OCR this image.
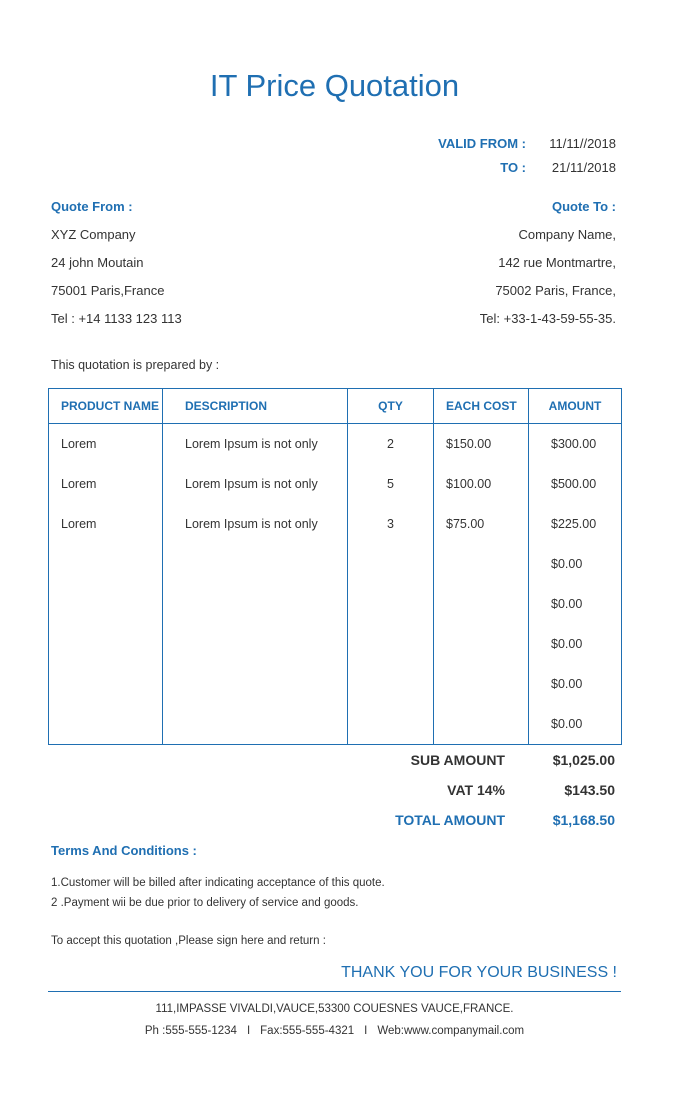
IT Price Quotation
VALID FROM :	11/11//2018
TO :	21/11/2018
Quote From :
XYZ Company
24 john Moutain
75001 Paris,France
Tel : +14 1133 123 113
Quote To :
Company Name,
142 rue Montmartre,
75002 Paris, France,
Tel: +33-1-43-59-55-35.
This quotation is prepared by :
PRODUCT NAME	DESCRIPTION	QTY	EACH COST	AMOUNT
Lorem	Lorem Ipsum is not only	2	$150.00	$300.00
Lorem	Lorem Ipsum is not only	5	$100.00	$500.00
Lorem	Lorem Ipsum is not only	3	$75.00	$225.00
				$0.00
				$0.00
				$0.00
				$0.00
				$0.00
SUB AMOUNT	$1,025.00
VAT 14%	$143.50
TOTAL AMOUNT	$1,168.50
Terms And Conditions :
1.Customer will be billed after indicating acceptance of this quote.
2 .Payment wii be due prior to delivery of service and goods.
To accept this quotation ,Please sign here and return :
THANK YOU FOR YOUR BUSINESS !
111,IMPASSE VIVALDI,VAUCE,53300 COUESNES VAUCE,FRANCE.
Ph :555-555-1234 I Fax:555-555-4321 I Web:www.companymail.com
